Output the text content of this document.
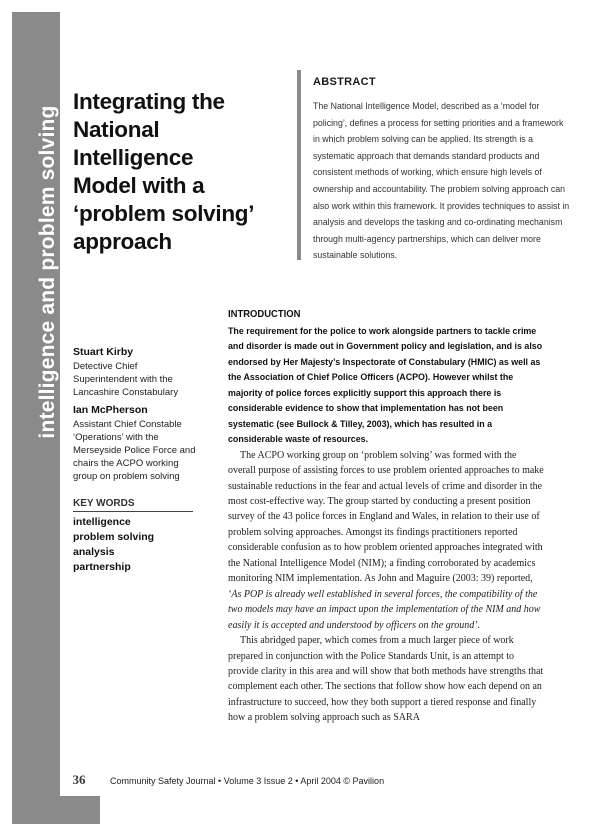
intelligence and problem solving
36
Integrating the National Intelligence Model with a ‘problem solving’ approach
ABSTRACT

The National Intelligence Model, described as a ‘model for policing’, defines a process for setting priorities and a framework in which problem solving can be applied. Its strength is a systematic approach that demands standard products and consistent methods of working, which ensure high levels of ownership and accountability. The problem solving approach can also work within this framework. It provides techniques to assist in analysis and develops the tasking and co-ordinating mechanism through multi-agency partnerships, which can deliver more sustainable solutions.

Stuart Kirby

Detective Chief Superintendent with the Lancashire Constabulary

Ian McPherson

Assistant Chief Constable ‘Operations’ with the Merseyside Police Force and chairs the ACPO working group on problem solving

KEY WORDS
intelligence
problem solving
analysis
partnership
INTRODUCTION

The requirement for the police to work alongside partners to tackle crime and disorder is made out in Government policy and legislation, and is also endorsed by Her Majesty’s Inspectorate of Constabulary (HMIC) as well as the Association of Chief Police Officers (ACPO). However whilst the majority of police forces explicitly support this approach there is considerable evidence to show that implementation has not been systematic (see Bullock & Tilley, 2003), which has resulted in a considerable waste of resources.

The ACPO working group on ‘problem solving’ was formed with the overall purpose of assisting forces to use problem oriented approaches to make sustainable reductions in the fear and actual levels of crime and disorder in the most cost-effective way. The group started by conducting a present position survey of the 43 police forces in England and Wales, in relation to their use of problem solving approaches. Amongst its findings practitioners reported considerable confusion as to how problem oriented approaches integrated with the National Intelligence Model (NIM); a finding corroborated by academics monitoring NIM implementation. As John and Maguire (2003: 39) reported, ‘As POP is already well established in several forces, the compatibility of the two models may have an impact upon the implementation of the NIM and how easily it is accepted and understood by officers on the ground’.

This abridged paper, which comes from a much larger piece of work prepared in conjunction with the Police Standards Unit, is an attempt to provide clarity in this area and will show that both methods have strengths that complement each other. The sections that follow show how each depend on an infrastructure to succeed, how they both support a tiered response and finally how a problem solving approach such as SARA

Community Safety Journal • Volume 3 Issue 2 • April 2004 © Pavilion
